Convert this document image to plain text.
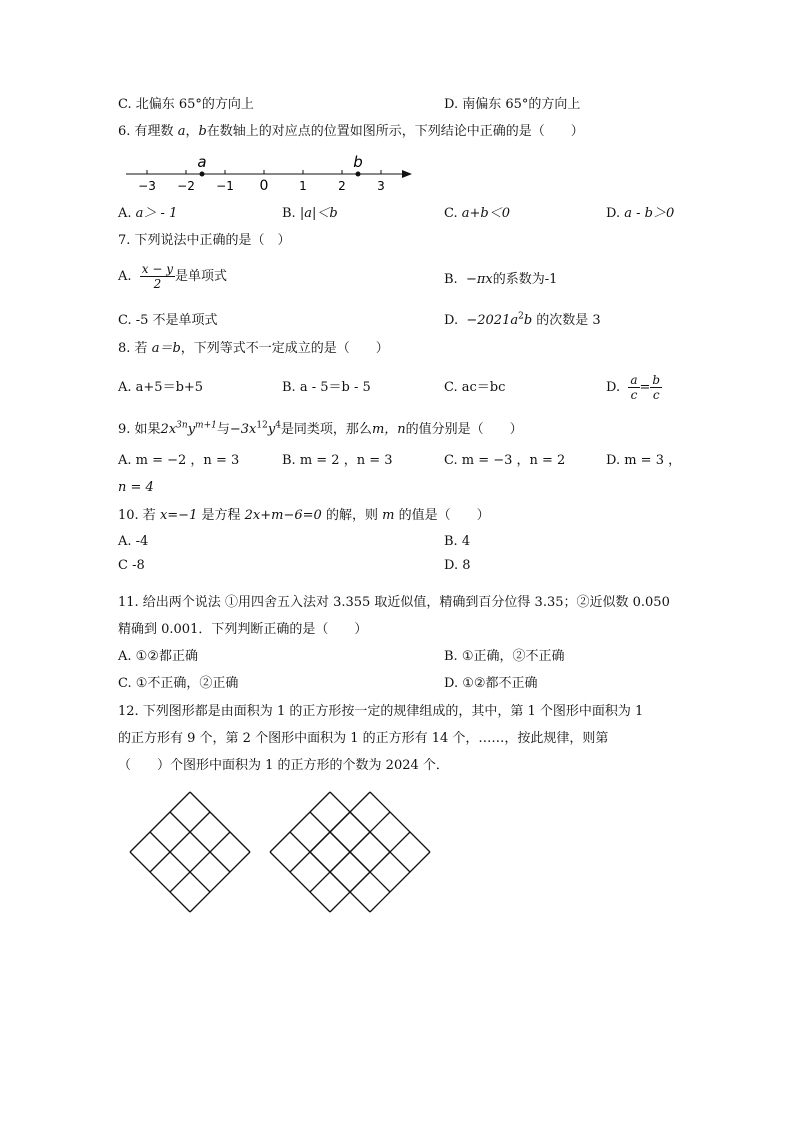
C. 北偏东 65°的方向上	D. 南偏东 65°的方向上
6. 有理数 a，b在数轴上的对应点的位置如图所示，下列结论中正确的是（　　）
−3 −2 −1 0	1	2	3
a	b
A. a＞ - 1	B. |a|＜b	C. a+b＜0	D. a - b＞0
7. 下列说法中正确的是（　）
A. $\frac{x - y}{2}$ 是单项式	B. −πx的系数为-1
C. -5 不是单项式	D. $-2021a^2b$ 的次数是 3
8. 若 a＝b，下列等式不一定成立的是（　　）
A. a+5＝b+5	B. a - 5＝b - 5	C. ac＝bc	D. $\frac{a}{c} = \frac{b}{c}$
9. 如果$2x^{3n}y^{m+1}$与$-3x^{12}y^4$是同类项，那么m，n的值分别是（　　）
A. m = −2 ，n = 3	B. m = 2 ，n = 3	C. m = −3 ，n = 2	D. m = 3 ，
n = 4
10. 若 x=−1 是方程 2x+m−6=0 的解，则 m 的值是（　　）
A. -4	B. 4
C -8	D. 8
11. 给出两个说法 ①用四舍五入法对 3.355 取近似值，精确到百分位得 3.35；②近似数 0.050
精确到 0.001．下列判断正确的是（　　）
A. ①②都正确	B. ①正确，②不正确
C. ①不正确，②正确	D. ①②都不正确
12. 下列图形都是由面积为 1 的正方形按一定的规律组成的，其中，第 1 个图形中面积为 1
的正方形有 9 个，第 2 个图形中面积为 1 的正方形有 14 个，……，按此规律，则第
（　　）个图形中面积为 1 的正方形的个数为 2024 个．
